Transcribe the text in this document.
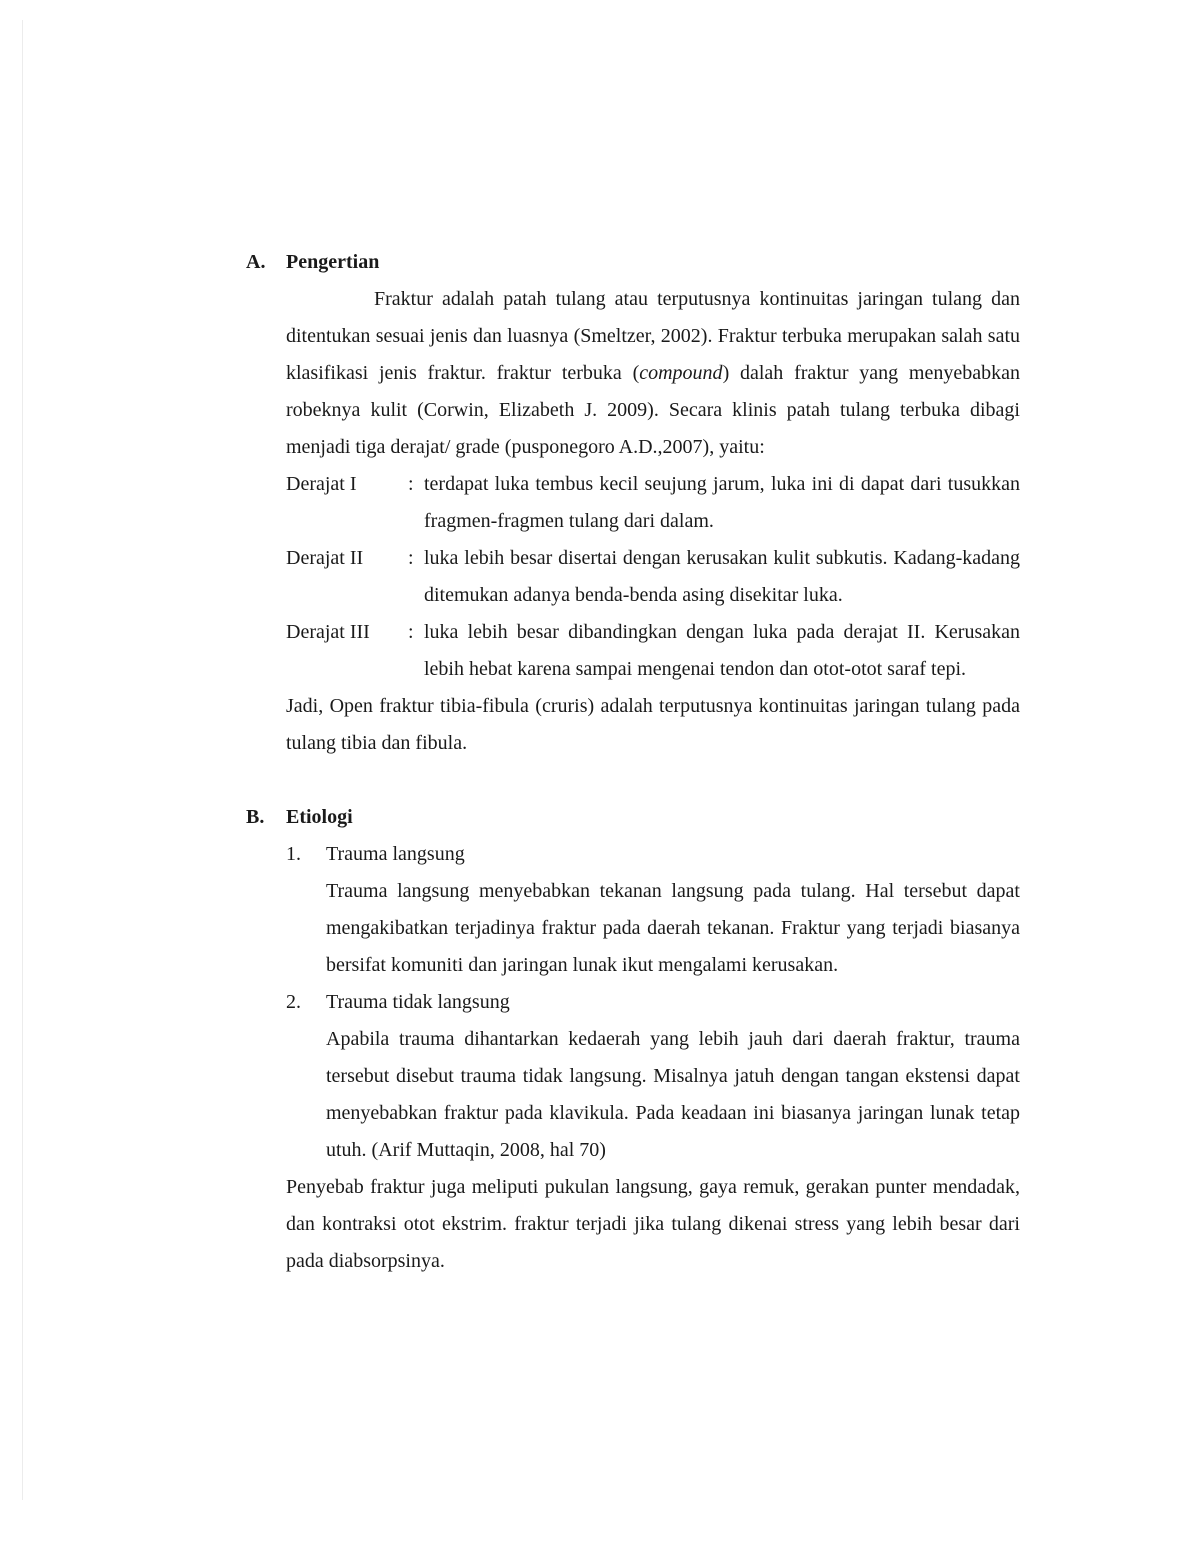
A.	Pengertian
Fraktur adalah patah tulang atau terputusnya kontinuitas jaringan tulang dan ditentukan sesuai jenis dan luasnya (Smeltzer, 2002). Fraktur terbuka merupakan salah satu klasifikasi jenis fraktur. fraktur terbuka (compound) dalah fraktur yang menyebabkan robeknya kulit (Corwin, Elizabeth J. 2009). Secara klinis patah tulang terbuka dibagi menjadi tiga derajat/ grade (pusponegoro A.D.,2007), yaitu:
Derajat I	: terdapat luka tembus kecil seujung jarum, luka ini di dapat dari tusukkan fragmen-fragmen tulang dari dalam.
Derajat II	: luka lebih besar disertai dengan kerusakan kulit subkutis. Kadang-kadang ditemukan adanya benda-benda asing disekitar luka.
Derajat III	: luka lebih besar dibandingkan dengan luka pada derajat II. Kerusakan lebih hebat karena sampai mengenai tendon dan otot-otot saraf tepi.
Jadi, Open fraktur tibia-fibula (cruris) adalah terputusnya kontinuitas jaringan tulang pada tulang tibia dan fibula.
B.	Etiologi
1.	Trauma langsung
Trauma langsung menyebabkan tekanan langsung pada tulang. Hal tersebut dapat mengakibatkan terjadinya fraktur pada daerah tekanan. Fraktur yang terjadi biasanya bersifat komuniti dan jaringan lunak ikut mengalami kerusakan.
2.	Trauma tidak langsung
Apabila trauma dihantarkan kedaerah yang lebih jauh dari daerah fraktur, trauma tersebut disebut trauma tidak langsung. Misalnya jatuh dengan tangan ekstensi dapat menyebabkan fraktur pada klavikula. Pada keadaan ini biasanya jaringan lunak tetap utuh. (Arif Muttaqin, 2008, hal 70)
Penyebab fraktur juga meliputi pukulan langsung, gaya remuk, gerakan punter mendadak, dan kontraksi otot ekstrim. fraktur terjadi jika tulang dikenai stress yang lebih besar dari pada diabsorpsinya.
